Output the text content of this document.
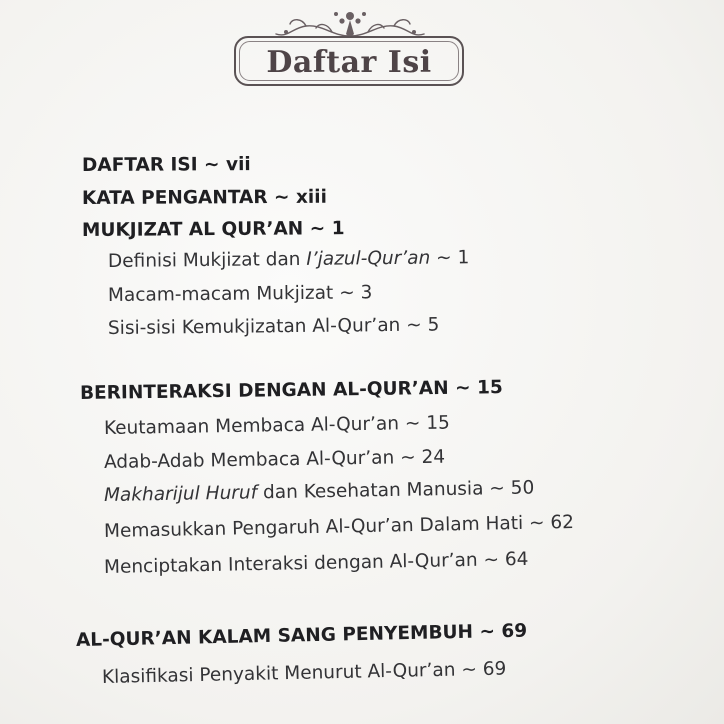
Daftar Isi
DAFTAR ISI ~ vii
KATA PENGANTAR ~ xiii
MUKJIZAT AL QUR’AN ~ 1
Definisi Mukjizat dan I’jazul-Qur’an ~ 1
Macam-macam Mukjizat ~ 3
Sisi-sisi Kemukjizatan Al-Qur’an ~ 5
BERINTERAKSI DENGAN AL-QUR’AN ~ 15
Keutamaan Membaca Al-Qur’an ~ 15
Adab-Adab Membaca Al-Qur’an ~ 24
Makharijul Huruf dan Kesehatan Manusia ~ 50
Memasukkan Pengaruh Al-Qur’an Dalam Hati ~ 62
Menciptakan Interaksi dengan Al-Qur’an ~ 64
AL-QUR’AN KALAM SANG PENYEMBUH ~ 69
Klasifikasi Penyakit Menurut Al-Qur’an ~ 69
